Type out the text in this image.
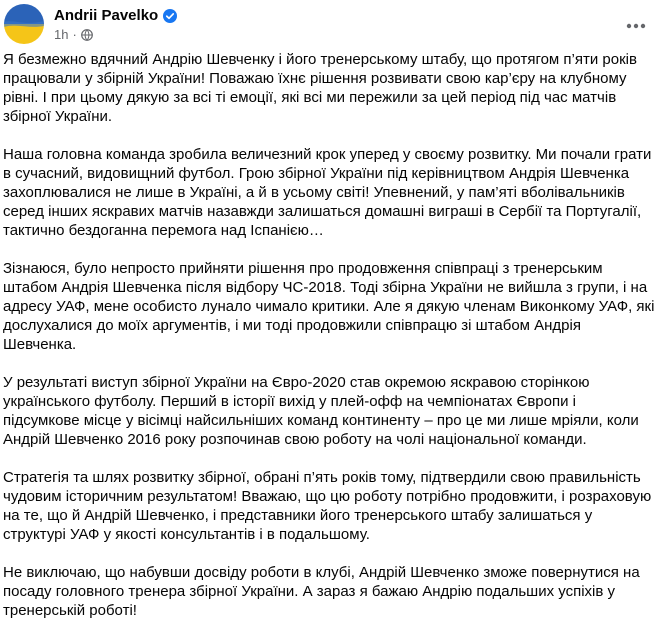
Andrii Pavelko
1h ·

Я безмежно вдячний Андрію Шевченку і його тренерському штабу, що протягом п’яти років працювали у збірній України! Поважаю їхнє рішення розвивати свою кар’єру на клубному рівні. І при цьому дякую за всі ті емоції, які всі ми пережили за цей період під час матчів збірної України.

Наша головна команда зробила величезний крок уперед у своєму розвитку. Ми почали грати в сучасний, видовищний футбол. Грою збірної України під керівництвом Андрія Шевченка захоплювалися не лише в Україні, а й в усьому світі! Упевнений, у пам’яті вболівальників серед інших яскравих матчів назавжди залишаться домашні виграші в Сербії та Португалії, тактично бездоганна перемога над Іспанією…

Зізнаюся, було непросто прийняти рішення про продовження співпраці з тренерським штабом Андрія Шевченка після відбору ЧС-2018. Тоді збірна України не вийшла з групи, і на адресу УАФ, мене особисто лунало чимало критики. Але я дякую членам Виконкому УАФ, які дослухалися до моїх аргументів, і ми тоді продовжили співпрацю зі штабом Андрія Шевченка.

У результаті виступ збірної України на Євро-2020 став окремою яскравою сторінкою українського футболу. Перший в історії вихід у плей-офф на чемпіонатах Європи і підсумкове місце у вісімці найсильніших команд континенту – про це ми лише мріяли, коли Андрій Шевченко 2016 року розпочинав свою роботу на чолі національної команди.

Стратегія та шлях розвитку збірної, обрані п’ять років тому, підтвердили свою правильність чудовим історичним результатом! Вважаю, що цю роботу потрібно продовжити, і розраховую на те, що й Андрій Шевченко, і представники його тренерського штабу залишаться у структурі УАФ у якості консультантів і в подальшому.

Не виключаю, що набувши досвіду роботи в клубі, Андрій Шевченко зможе повернутися на посаду головного тренера збірної України. А зараз я бажаю Андрію подальших успіхів у тренерській роботі!
